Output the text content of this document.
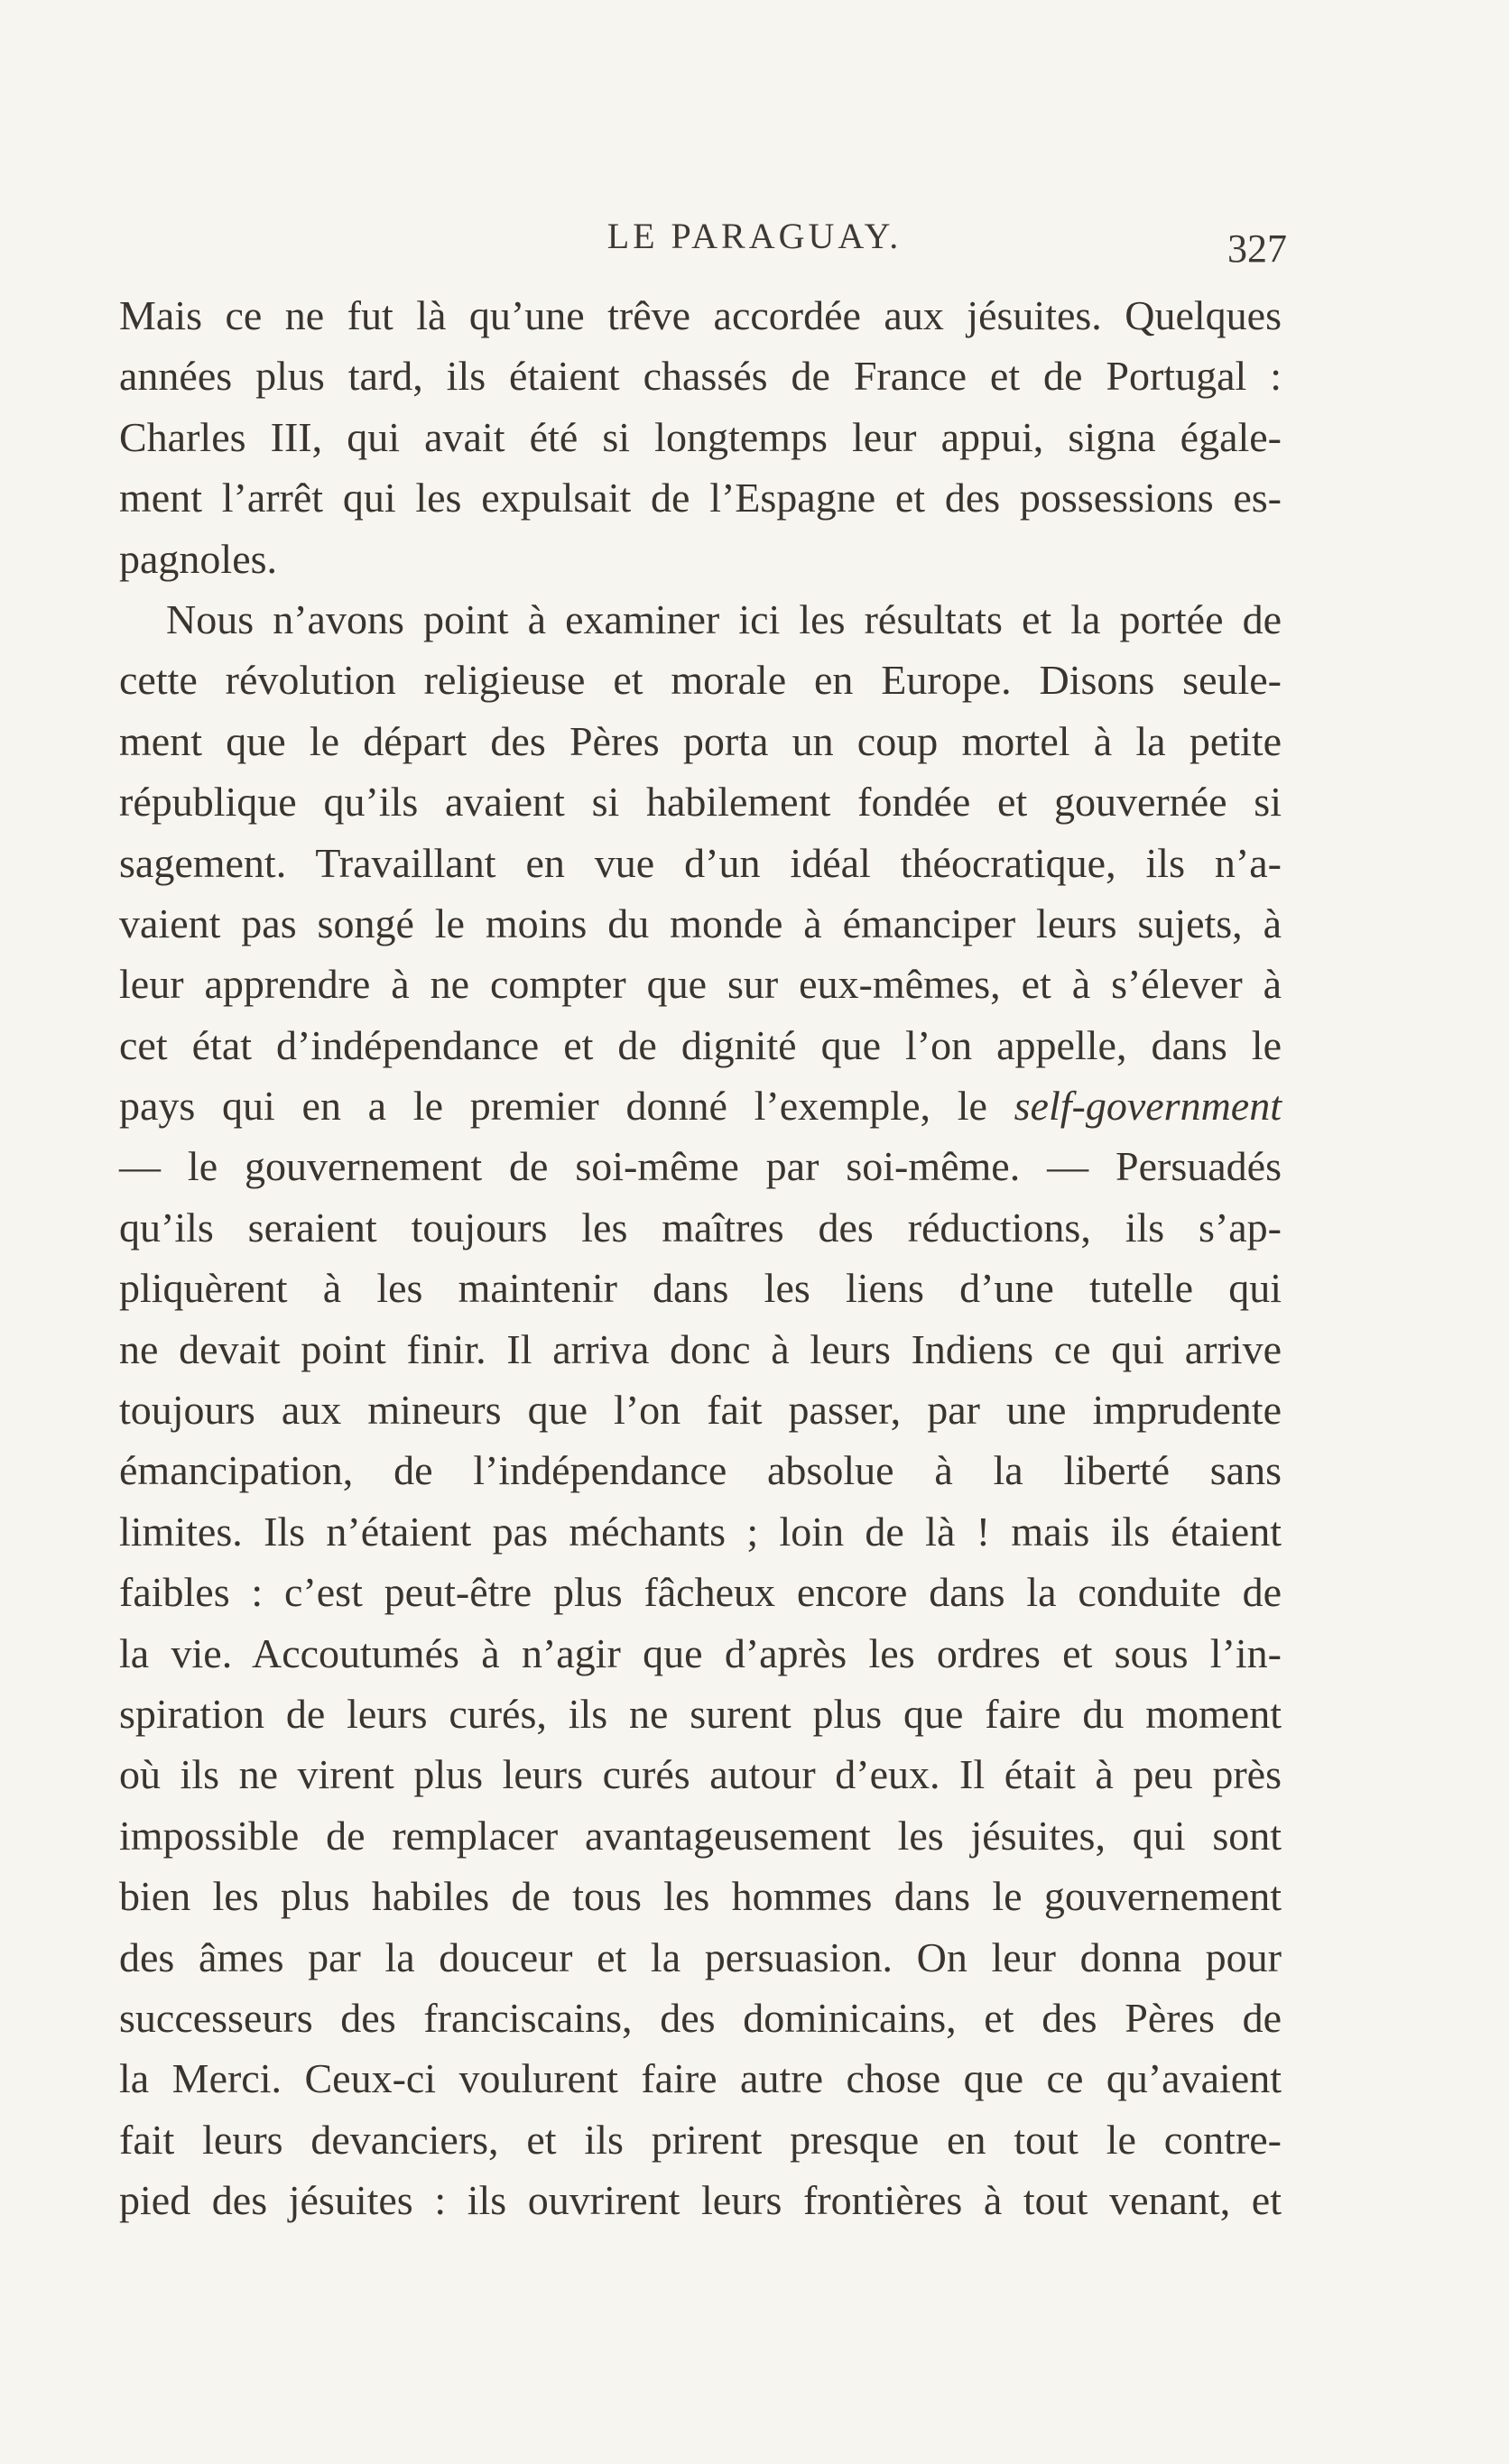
LE PARAGUAY.	327
Mais ce ne fut là qu’une trêve accordée aux jésuites. Quelques
années plus tard, ils étaient chassés de France et de Portugal :
Charles III, qui avait été si longtemps leur appui, signa égale-
ment l’arrêt qui les expulsait de l’Espagne et des possessions es-
pagnoles.
Nous n’avons point à examiner ici les résultats et la portée de
cette révolution religieuse et morale en Europe. Disons seule-
ment que le départ des Pères porta un coup mortel à la petite
république qu’ils avaient si habilement fondée et gouvernée si
sagement. Travaillant en vue d’un idéal théocratique, ils n’a-
vaient pas songé le moins du monde à émanciper leurs sujets, à
leur apprendre à ne compter que sur eux-mêmes, et à s’élever à
cet état d’indépendance et de dignité que l’on appelle, dans le
pays qui en a le premier donné l’exemple, le self-government
— le gouvernement de soi-même par soi-même. — Persuadés
qu’ils seraient toujours les maîtres des réductions, ils s’ap-
pliquèrent à les maintenir dans les liens d’une tutelle qui
ne devait point finir. Il arriva donc à leurs Indiens ce qui arrive
toujours aux mineurs que l’on fait passer, par une imprudente
émancipation, de l’indépendance absolue à la liberté sans
limites. Ils n’étaient pas méchants ; loin de là ! mais ils étaient
faibles : c’est peut-être plus fâcheux encore dans la conduite de
la vie. Accoutumés à n’agir que d’après les ordres et sous l’in-
spiration de leurs curés, ils ne surent plus que faire du moment
où ils ne virent plus leurs curés autour d’eux. Il était à peu près
impossible de remplacer avantageusement les jésuites, qui sont
bien les plus habiles de tous les hommes dans le gouvernement
des âmes par la douceur et la persuasion. On leur donna pour
successeurs des franciscains, des dominicains, et des Pères de
la Merci. Ceux-ci voulurent faire autre chose que ce qu’avaient
fait leurs devanciers, et ils prirent presque en tout le contre-
pied des jésuites : ils ouvrirent leurs frontières à tout venant, et
